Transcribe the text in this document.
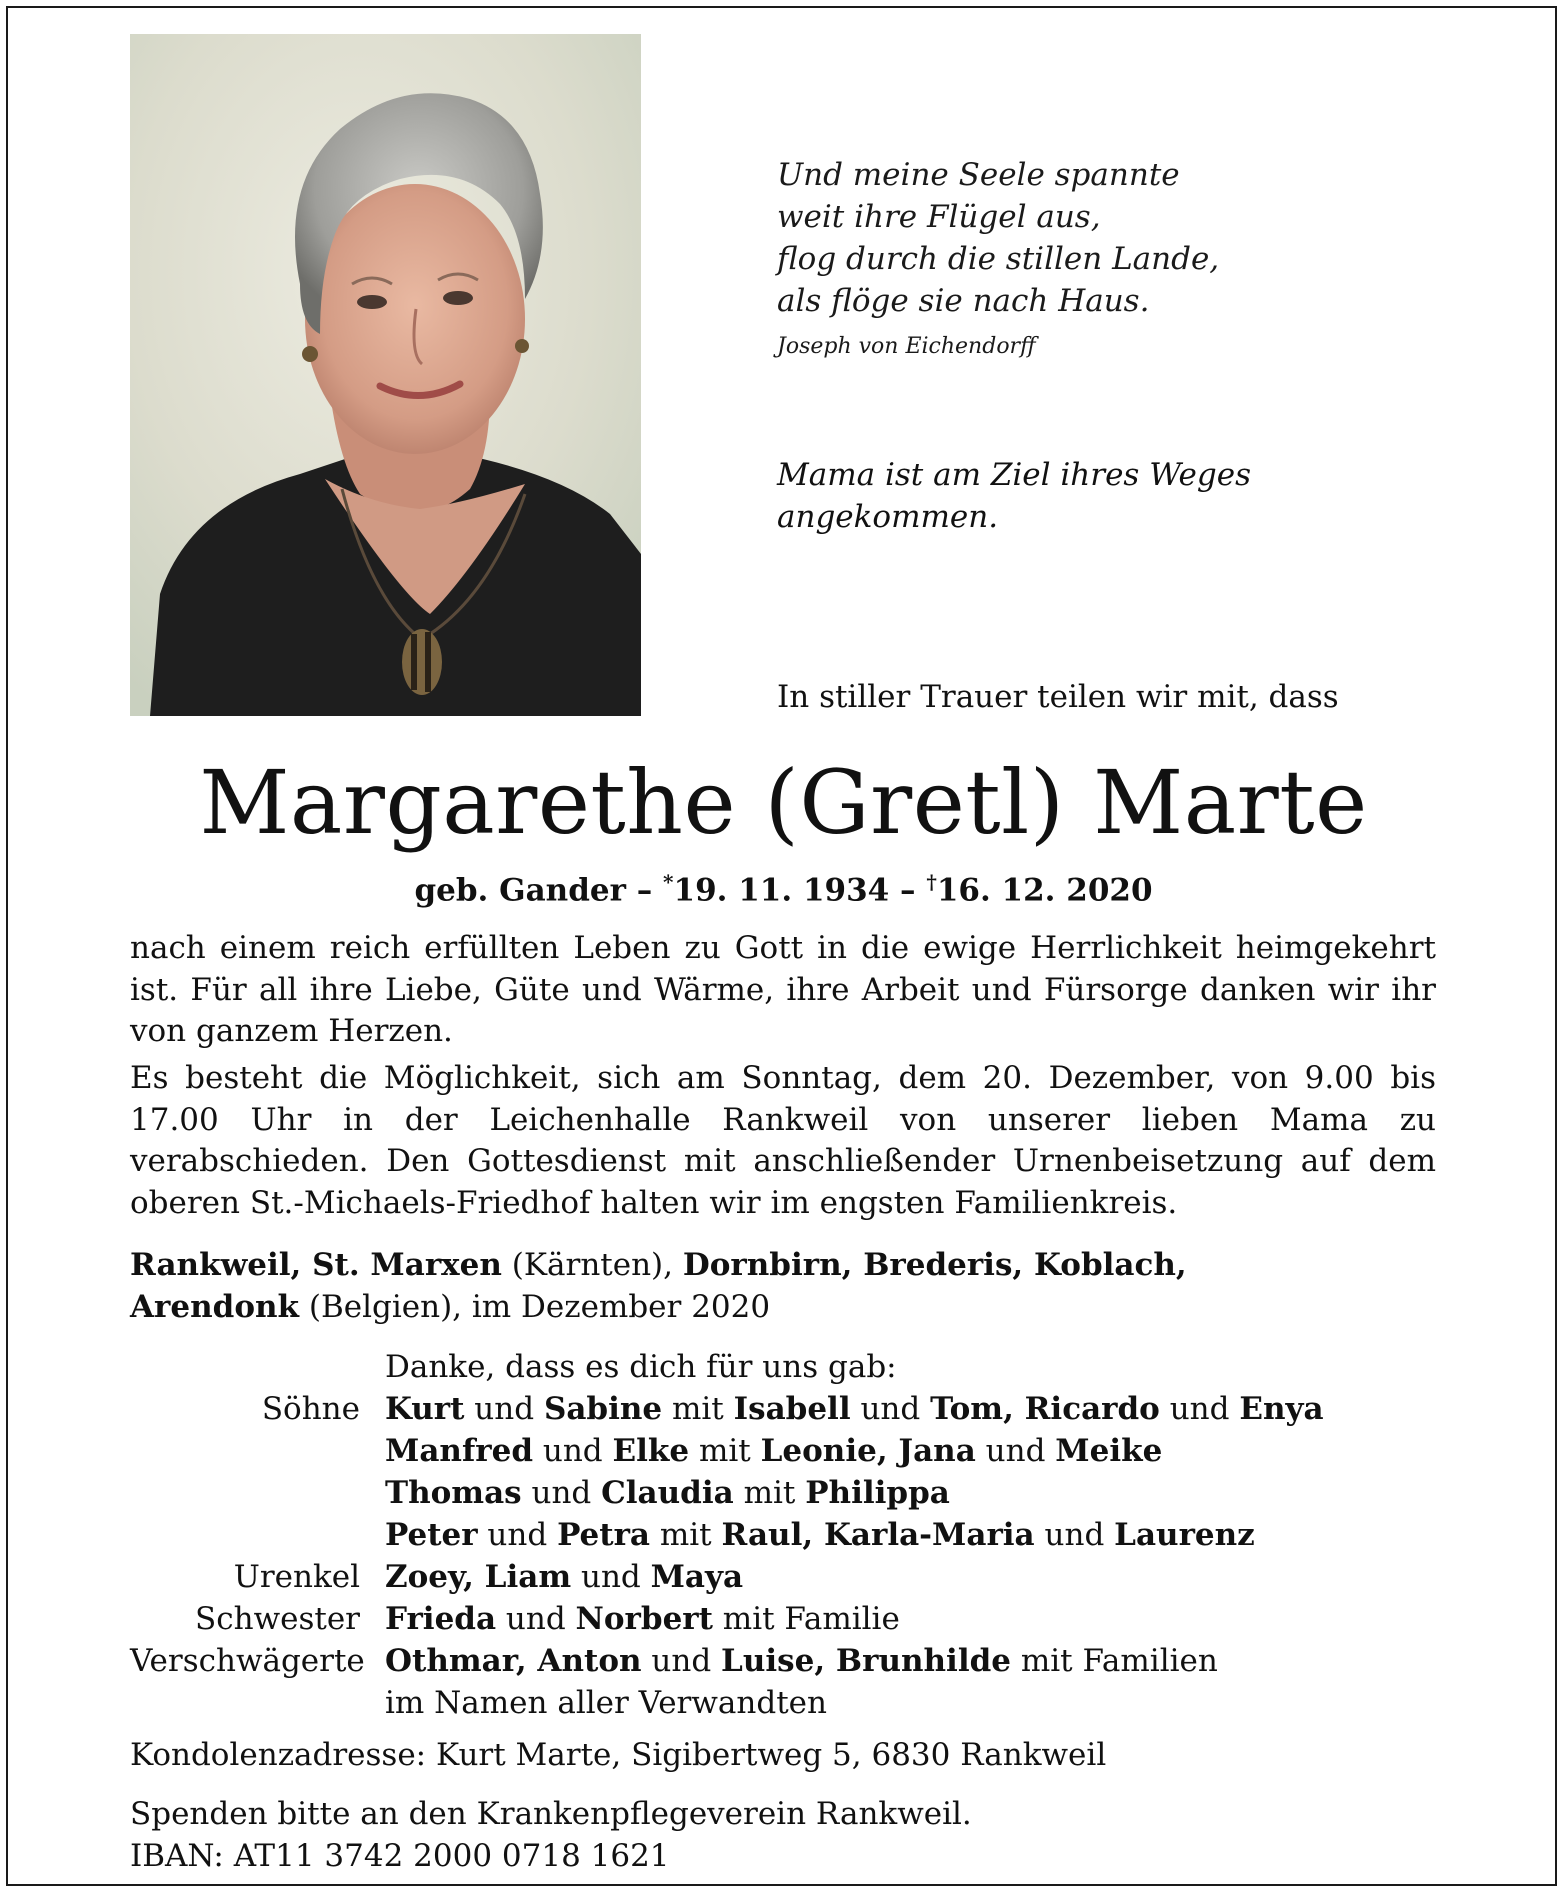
Und meine Seele spannte
weit ihre Flügel aus,
flog durch die stillen Lande,
als flöge sie nach Haus.
Joseph von Eichendorff
Mama ist am Ziel ihres Weges
angekommen.
In stiller Trauer teilen wir mit, dass
Margarethe (Gretl) Marte
geb. Gander – *19. 11. 1934 – †16. 12. 2020
nach einem reich erfüllten Leben zu Gott in die ewige Herrlichkeit heimgekehrt ist. Für all ihre Liebe, Güte und Wärme, ihre Arbeit und Fürsorge danken wir ihr von ganzem Herzen.
Es besteht die Möglichkeit, sich am Sonntag, dem 20. Dezember, von 9.00 bis 17.00 Uhr in der Leichenhalle Rankweil von unserer lieben Mama zu verabschieden. Den Gottesdienst mit anschließender Urnenbeisetzung auf dem oberen St.-Michaels-Friedhof halten wir im engsten Familienkreis.
Rankweil, St. Marxen (Kärnten), Dornbirn, Brederis, Koblach,
Arendonk (Belgien), im Dezember 2020
Danke, dass es dich für uns gab:
Söhne Kurt und Sabine mit Isabell und Tom, Ricardo und Enya
Manfred und Elke mit Leonie, Jana und Meike
Thomas und Claudia mit Philippa
Peter und Petra mit Raul, Karla-Maria und Laurenz
Urenkel Zoey, Liam und Maya
Schwester Frieda und Norbert mit Familie
Verschwägerte Othmar, Anton und Luise, Brunhilde mit Familien
im Namen aller Verwandten
Kondolenzadresse: Kurt Marte, Sigibertweg 5, 6830 Rankweil
Spenden bitte an den Krankenpflegeverein Rankweil.
IBAN: AT11 3742 2000 0718 1621
